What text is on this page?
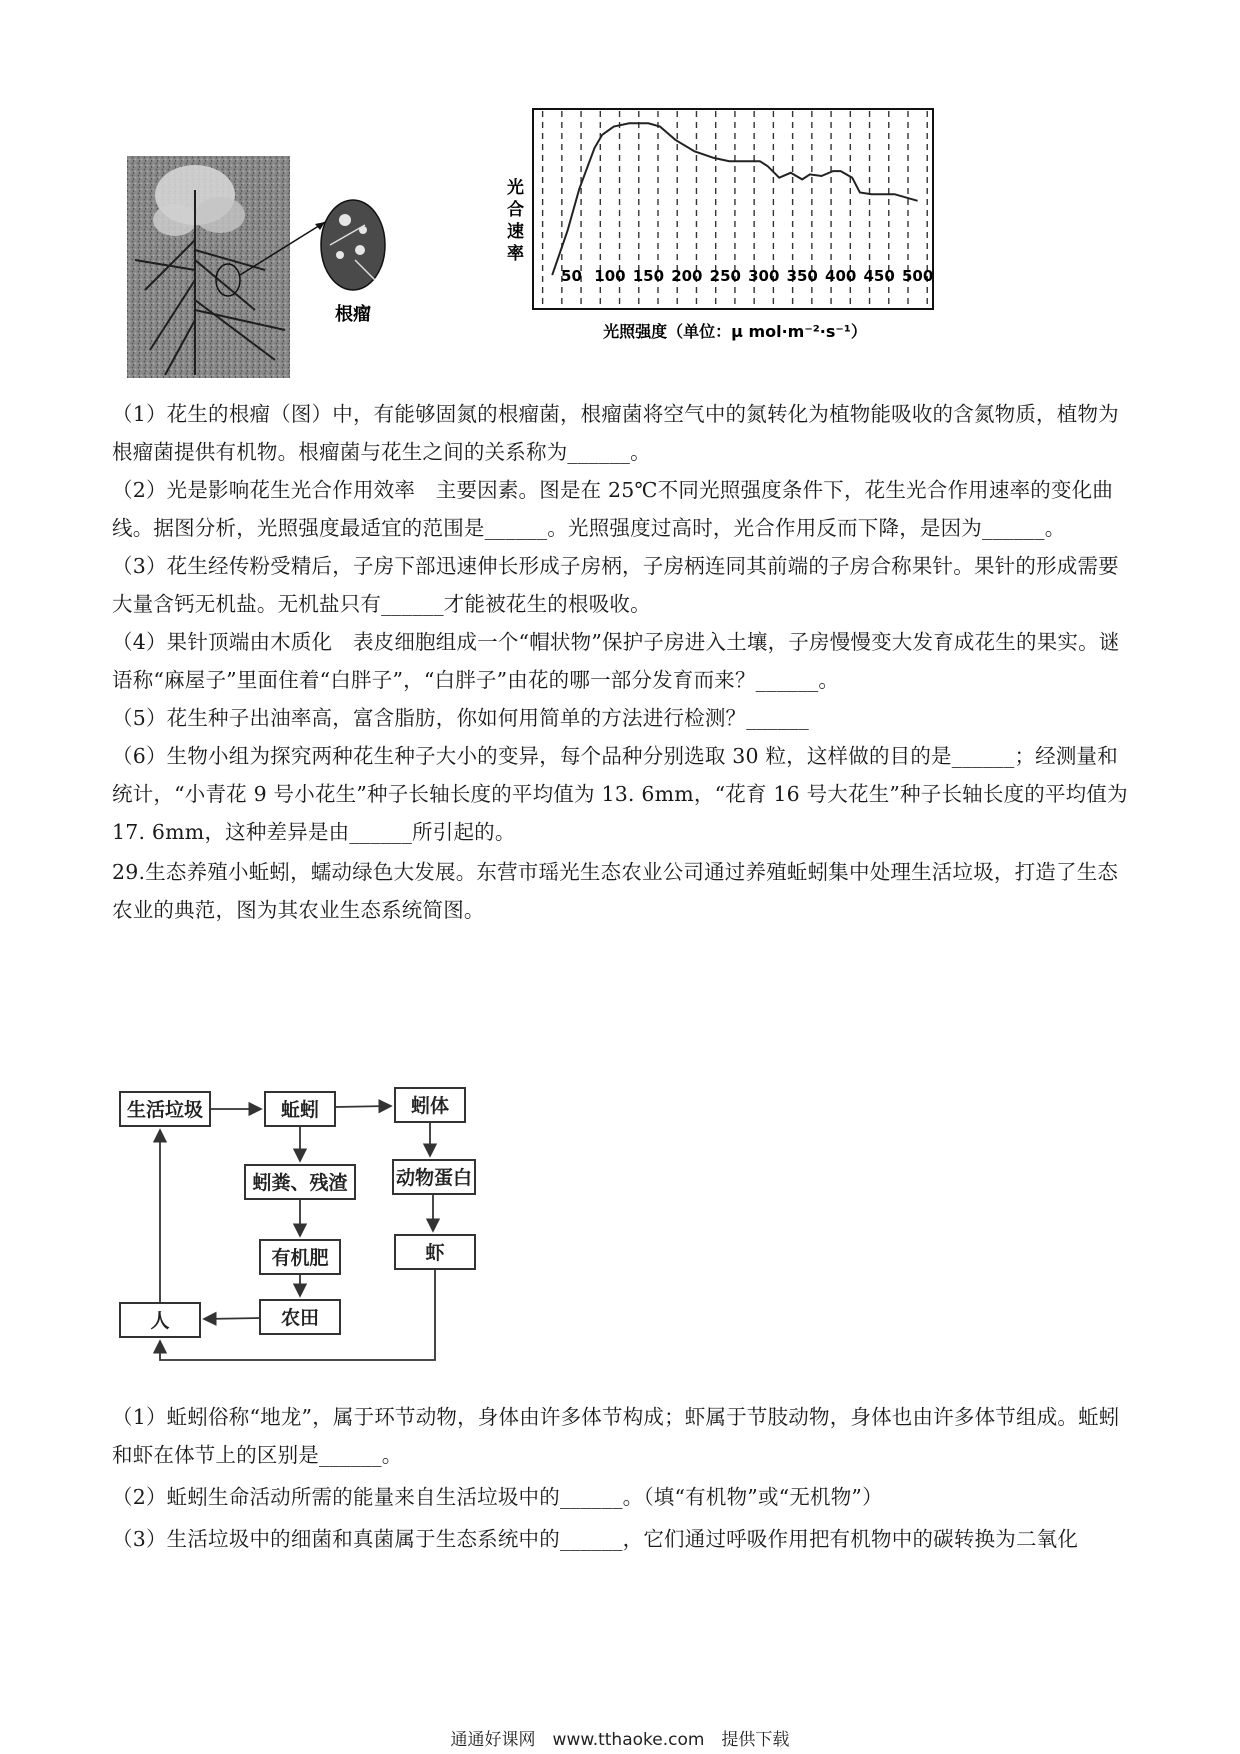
根瘤
光
合
速
率
50 100 150 200 250 300 350 400 450 500
光照强度（单位：μ mol·m⁻²·s⁻¹）

（1）花生的根瘤（图）中，有能够固氮的根瘤菌，根瘤菌将空气中的氮转化为植物能吸收的含氮物质，植物为根瘤菌提供有机物。根瘤菌与花生之间的关系称为______。

（2）光是影响花生光合作用效率　主要因素。图是在 25℃不同光照强度条件下，花生光合作用速率的变化曲线。据图分析，光照强度最适宜的范围是______。光照强度过高时，光合作用反而下降，是因为______。

（3）花生经传粉受精后，子房下部迅速伸长形成子房柄，子房柄连同其前端的子房合称果针。果针的形成需要大量含钙无机盐。无机盐只有______才能被花生的根吸收。

（4）果针顶端由木质化　表皮细胞组成一个“帽状物”保护子房进入土壤，子房慢慢变大发育成花生的果实。谜语称“麻屋子”里面住着“白胖子”，“白胖子”由花的哪一部分发育而来？______。

（5）花生种子出油率高，富含脂肪，你如何用简单的方法进行检测？______

（6）生物小组为探究两种花生种子大小的变异，每个品种分别选取 30 粒，这样做的目的是______；经测量和统计，“小青花 9 号小花生”种子长轴长度的平均值为 13. 6mm，“花育 16 号大花生”种子长轴长度的平均值为 17. 6mm，这种差异是由______所引起的。

29.生态养殖小蚯蚓，蠕动绿色大发展。东营市瑶光生态农业公司通过养殖蚯蚓集中处理生活垃圾，打造了生态农业的典范，图为其农业生态系统简图。

生活垃圾	蚯蚓	蚓体
蚓粪、残渣	动物蛋白
有机肥	虾
人	农田

（1）蚯蚓俗称“地龙”，属于环节动物，身体由许多体节构成；虾属于节肢动物，身体也由许多体节组成。蚯蚓和虾在体节上的区别是______。

（2）蚯蚓生命活动所需的能量来自生活垃圾中的______。（填“有机物”或“无机物”）

（3）生活垃圾中的细菌和真菌属于生态系统中的______，它们通过呼吸作用把有机物中的碳转换为二氧化

通通好课网　www.tthaoke.com　提供下载
